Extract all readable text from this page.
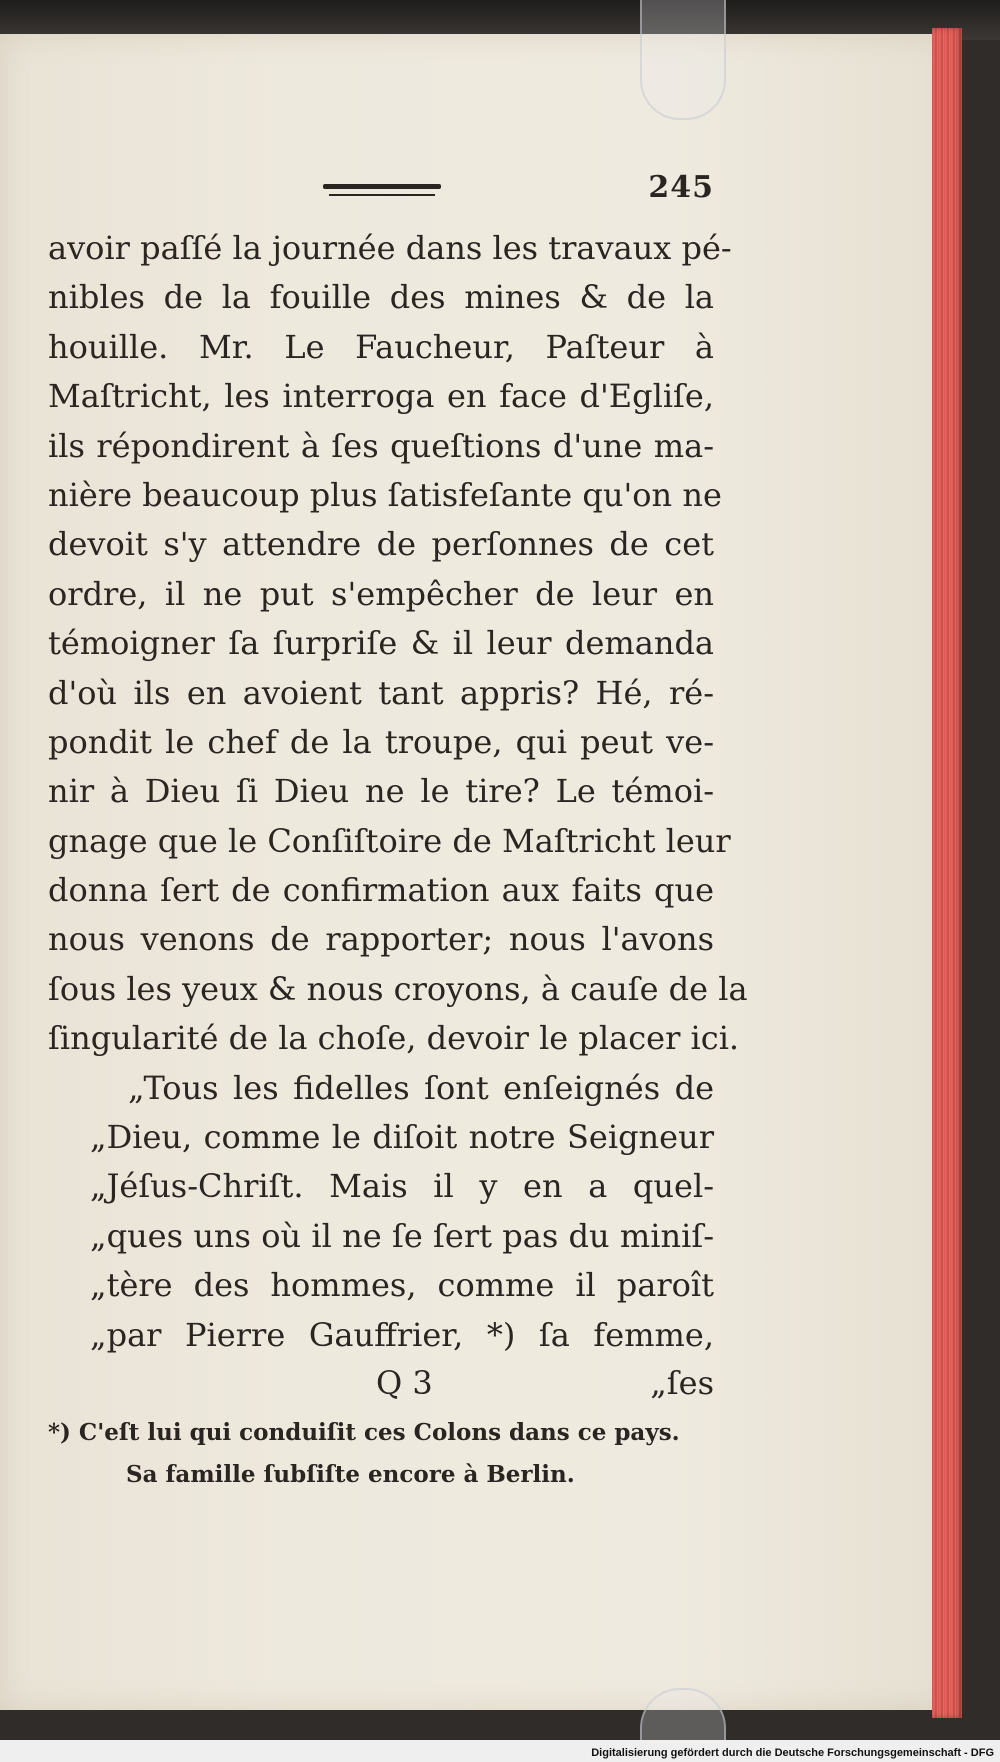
245
avoir paſſé la journée dans les travaux pé-
nibles de la fouille des mines & de la
houille. Mr. Le Faucheur, Paſteur à
Maſtricht, les interroga en face d'Egliſe,
ils répondirent à ſes queſtions d'une ma-
nière beaucoup plus ſatisfeſante qu'on ne
devoit s'y attendre de perſonnes de cet
ordre, il ne put s'empêcher de leur en
témoigner ſa ſurpriſe & il leur demanda
d'où ils en avoient tant appris? Hé, ré-
pondit le chef de la troupe, qui peut ve-
nir à Dieu ſi Dieu ne le tire? Le témoi-
gnage que le Conſiſtoire de Maſtricht leur
donna ſert de confirmation aux faits que
nous venons de rapporter; nous l'avons
ſous les yeux & nous croyons, à cauſe de la
ſingularité de la choſe, devoir le placer ici.
„Tous les fidelles ſont enſeignés de
„Dieu, comme le diſoit notre Seigneur
„Jéſus-Chriſt. Mais il y en a quel-
„ques uns où il ne ſe ſert pas du miniſ-
„tère des hommes, comme il paroît
„par Pierre Gauffrier, *) ſa femme,
Q 3	„ſes
*) C'eſt lui qui conduiſit ces Colons dans ce pays.
Sa famille ſubſiſte encore à Berlin.
Digitalisierung gefördert durch die Deutsche Forschungsgemeinschaft - DFG
